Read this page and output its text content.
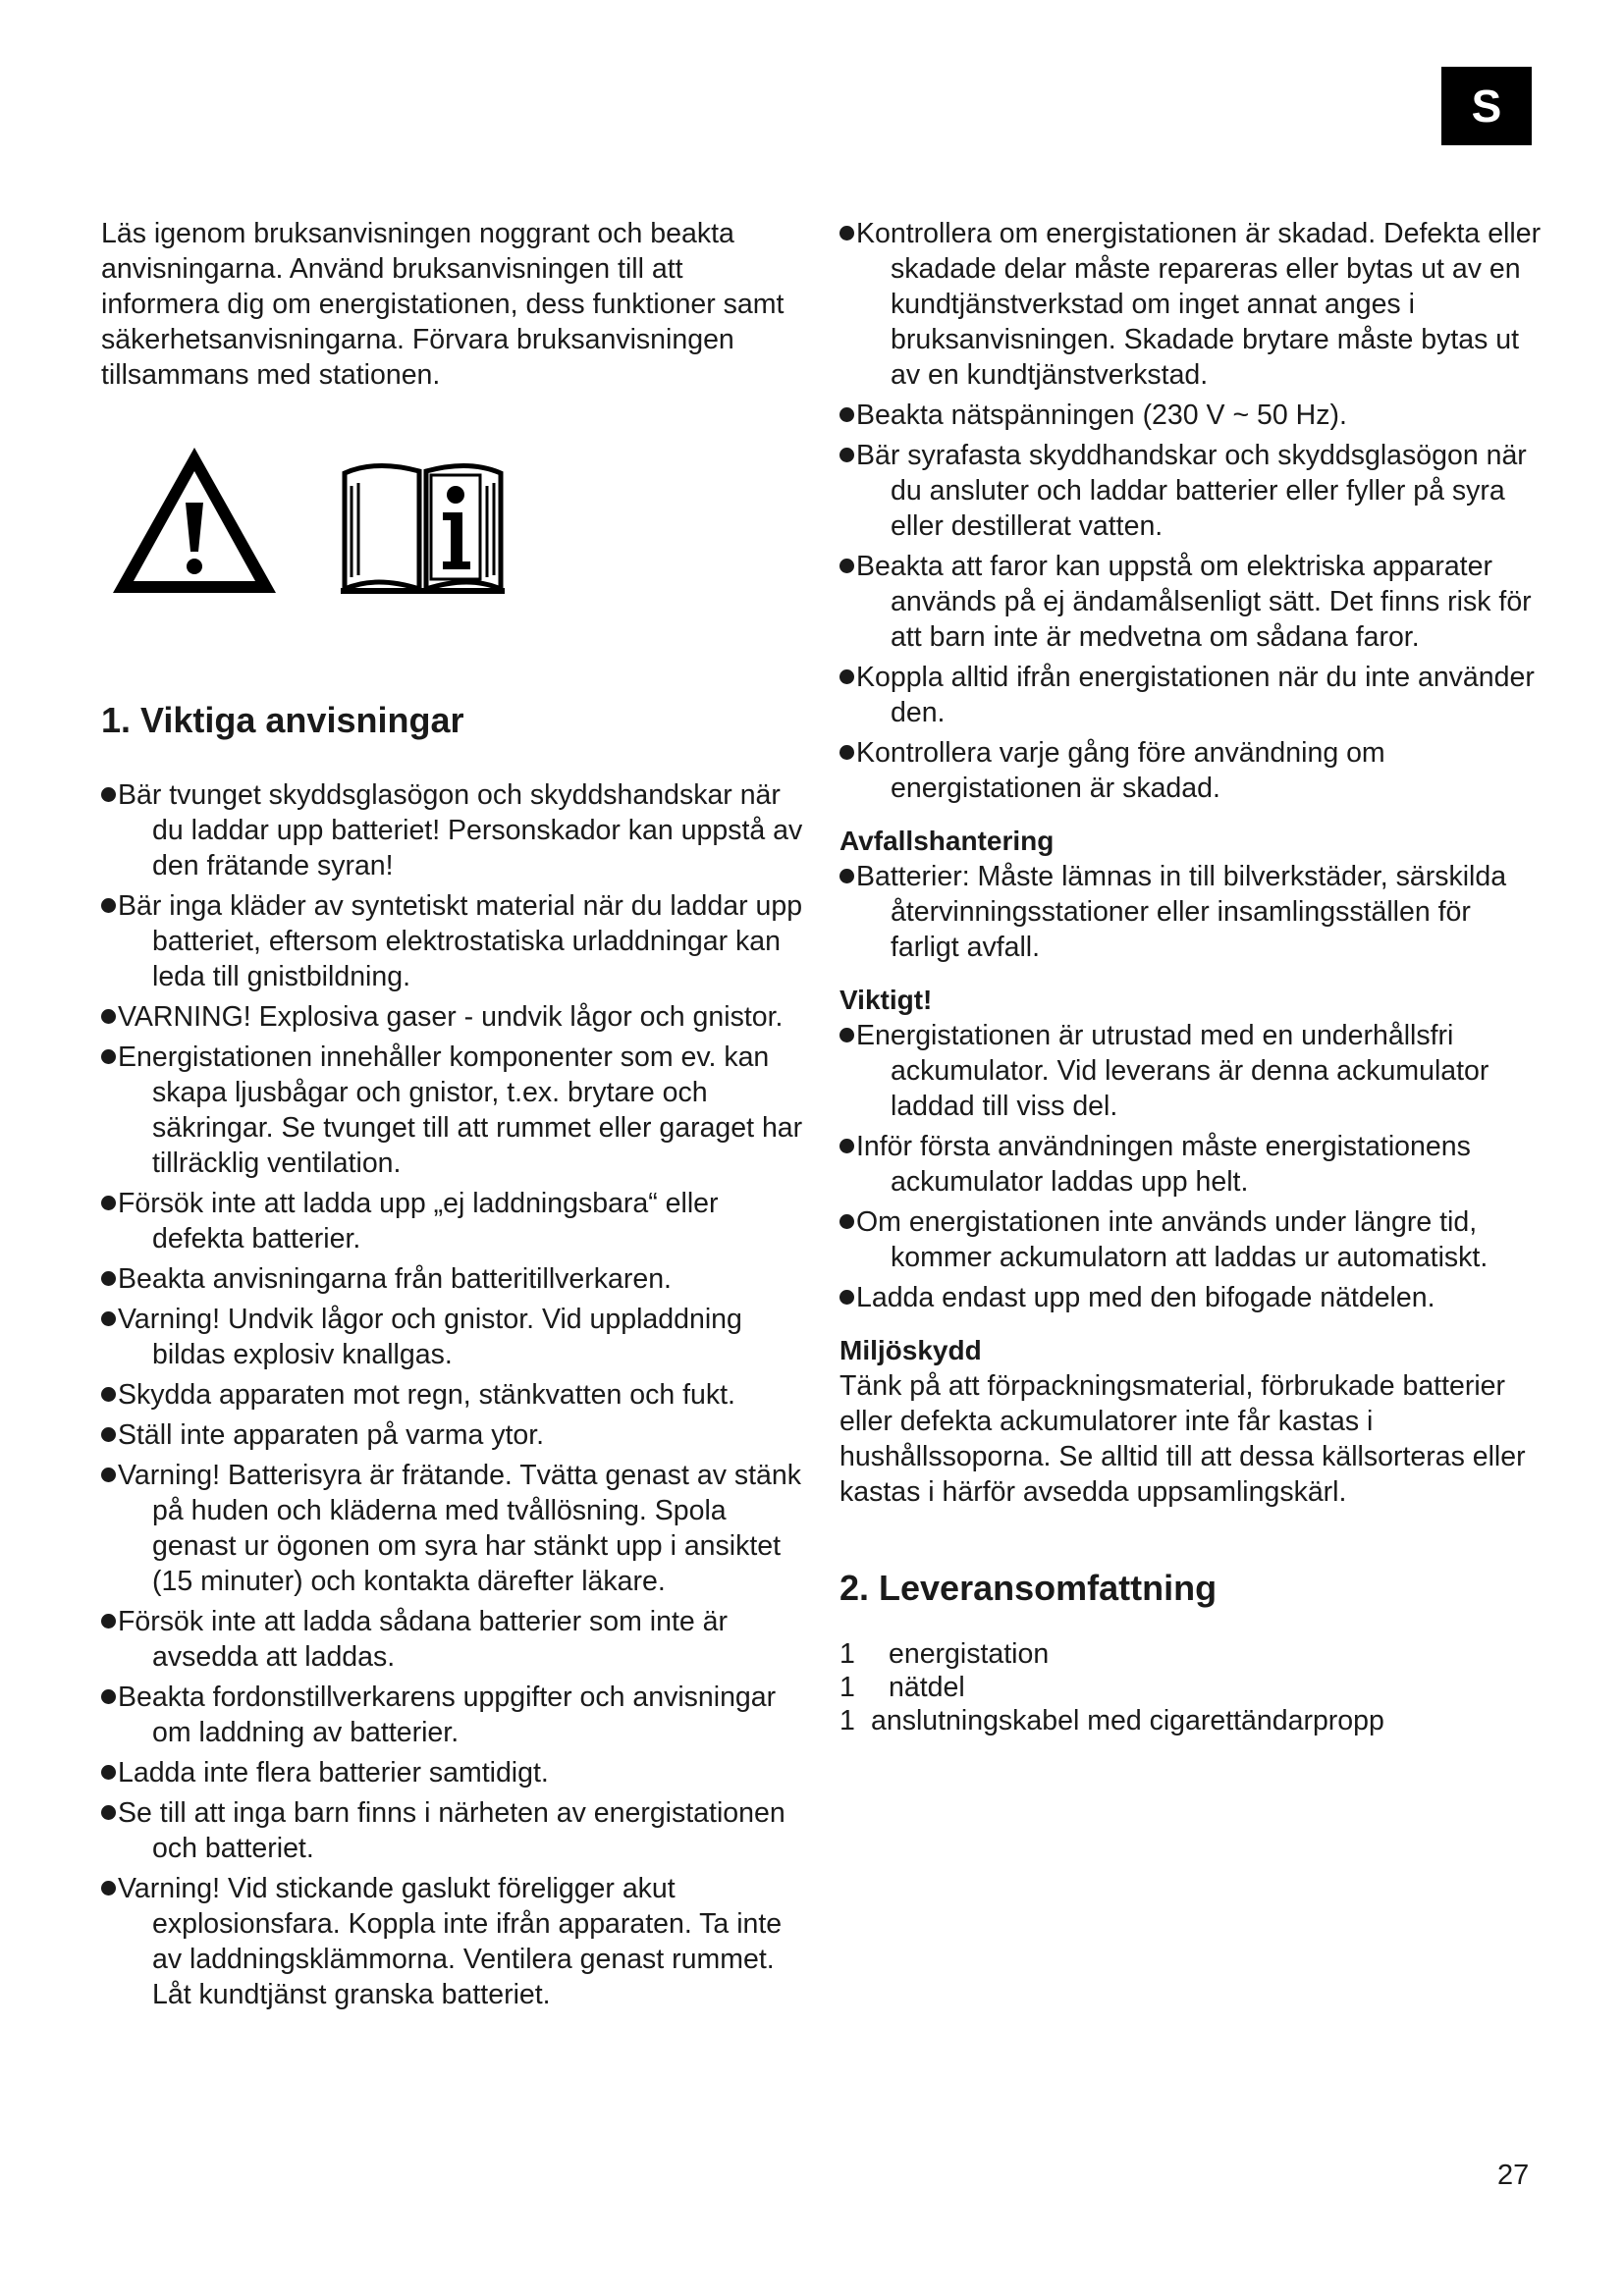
S

Läs igenom bruksanvisningen noggrant och beakta anvisningarna. Använd bruksanvisningen till att informera dig om energistationen, dess funktioner samt säkerhetsanvisningarna. Förvara bruksanvisningen tillsammans med stationen.

1. Viktiga anvisningar
Bär tvunget skyddsglasögon och skyddshandskar när du laddar upp batteriet! Personskador kan uppstå av den frätande syran!
Bär inga kläder av syntetiskt material när du laddar upp batteriet, eftersom elektrostatiska urladdningar kan leda till gnistbildning.
VARNING! Explosiva gaser - undvik lågor och gnistor.
Energistationen innehåller komponenter som ev. kan skapa ljusbågar och gnistor, t.ex. brytare och säkringar. Se tvunget till att rummet eller garaget har tillräcklig ventilation.
Försök inte att ladda upp „ej laddningsbara“ eller defekta batterier.
Beakta anvisningarna från batteritillverkaren.
Varning! Undvik lågor och gnistor. Vid uppladdning bildas explosiv knallgas.
Skydda apparaten mot regn, stänkvatten och fukt.
Ställ inte apparaten på varma ytor.
Varning! Batterisyra är frätande. Tvätta genast av stänk på huden och kläderna med tvållösning. Spola genast ur ögonen om syra har stänkt upp i ansiktet (15 minuter) och kontakta därefter läkare.
Försök inte att ladda sådana batterier som inte är avsedda att laddas.
Beakta fordonstillverkarens uppgifter och anvisningar om laddning av batterier.
Ladda inte flera batterier samtidigt.
Se till att inga barn finns i närheten av energistationen och batteriet.
Varning! Vid stickande gaslukt föreligger akut explosionsfara. Koppla inte ifrån apparaten. Ta inte av laddningsklämmorna. Ventilera genast rummet. Låt kundtjänst granska batteriet.
Kontrollera om energistationen är skadad. Defekta eller skadade delar måste repareras eller bytas ut av en kundtjänstverkstad om inget annat anges i bruksanvisningen. Skadade brytare måste bytas ut av en kundtjänstverkstad.
Beakta nätspänningen (230 V ~ 50 Hz).
Bär syrafasta skyddhandskar och skyddsglasögon när du ansluter och laddar batterier eller fyller på syra eller destillerat vatten.
Beakta att faror kan uppstå om elektriska apparater används på ej ändamålsenligt sätt. Det finns risk för att barn inte är medvetna om sådana faror.
Koppla alltid ifrån energistationen när du inte använder den.
Kontrollera varje gång före användning om energistationen är skadad.
Avfallshantering
Batterier: Måste lämnas in till bilverkstäder, särskilda återvinningsstationer eller insamlingsställen för farligt avfall.
Viktigt!
Energistationen är utrustad med en underhållsfri ackumulator. Vid leverans är denna ackumulator laddad till viss del.
Inför första användningen måste energistationens ackumulator laddas upp helt.
Om energistationen inte används under längre tid, kommer ackumulatorn att laddas ur automatiskt.
Ladda endast upp med den bifogade nätdelen.
Miljöskydd

Tänk på att förpackningsmaterial, förbrukade batterier eller defekta ackumulatorer inte får kastas i hushållssoporna. Se alltid till att dessa källsorteras eller kastas i härför avsedda uppsamlingskärl.

2. Leveransomfattning
1 energistation
1 nätdel
1 anslutningskabel med cigarettändarpropp
27
